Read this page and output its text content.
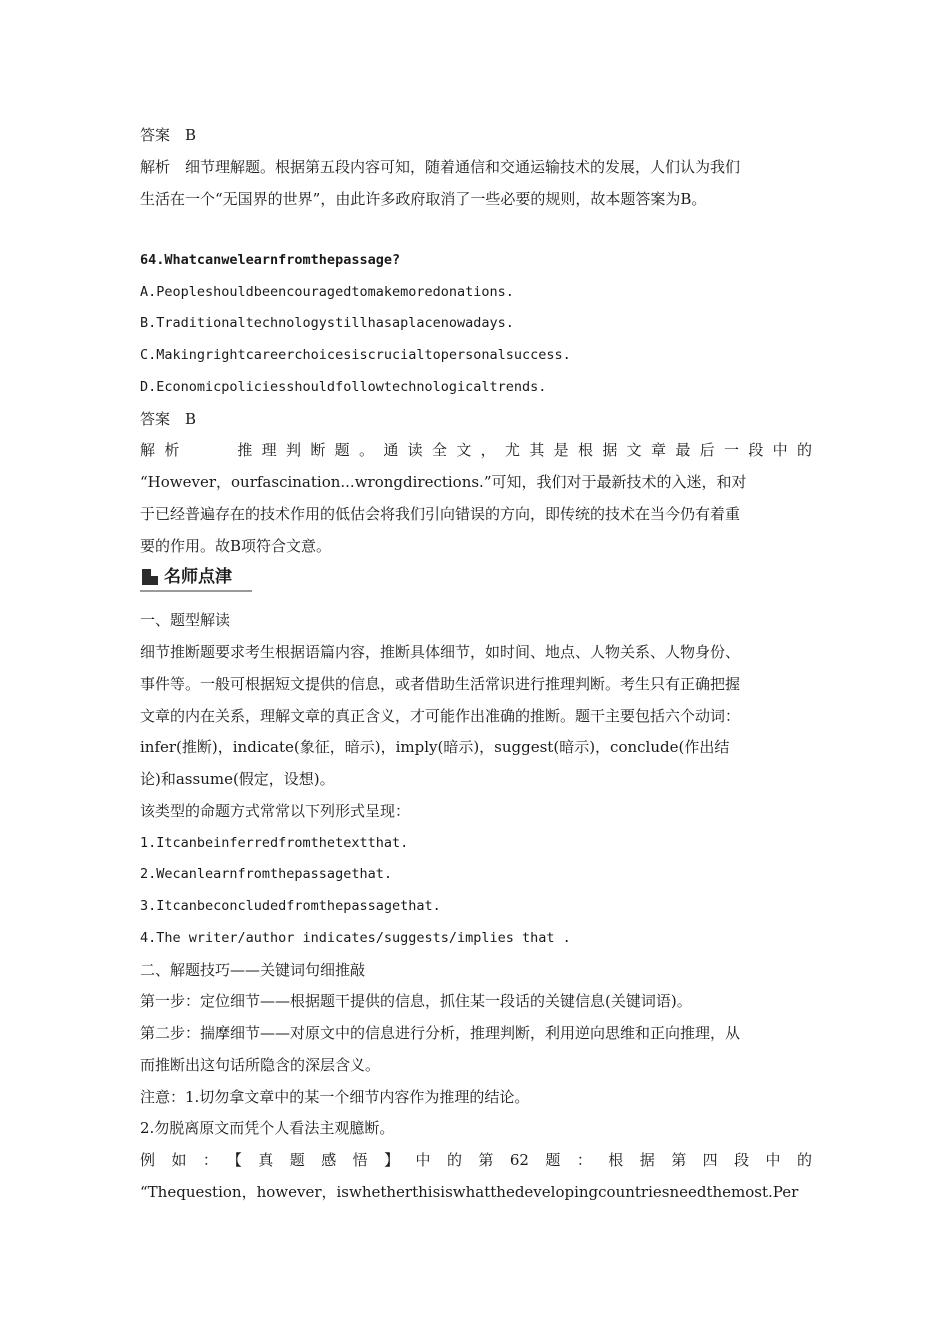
答案　B
解析　细节理解题。根据第五段内容可知，随着通信和交通运输技术的发展，人们认为我们
生活在一个“无国界的世界”，由此许多政府取消了一些必要的规则，故本题答案为B。
64.Whatcanwelearnfromthepassage?
A.Peopleshouldbeencouragedtomakemoredonations.
B.Traditionaltechnologystillhasaplacenowadays.
C.Makingrightcareerchoicesiscrucialtopersonalsuccess.
D.Economicpoliciesshouldfollowtechnologicaltrends.
答案　B
解析　　推理判断题。通读全文，尤其是根据文章最后一段中的
“However，ourfascination...wrongdirections.”可知，我们对于最新技术的入迷，和对
于已经普遍存在的技术作用的低估会将我们引向错误的方向，即传统的技术在当今仍有着重
要的作用。故B项符合文意。
名师点津
一、题型解读
细节推断题要求考生根据语篇内容，推断具体细节，如时间、地点、人物关系、人物身份、
事件等。一般可根据短文提供的信息，或者借助生活常识进行推理判断。考生只有正确把握
文章的内在关系，理解文章的真正含义，才可能作出准确的推断。题干主要包括六个动词：
infer(推断)，indicate(象征，暗示)，imply(暗示)，suggest(暗示)，conclude(作出结
论)和assume(假定，设想)。
该类型的命题方式常常以下列形式呈现：
1.Itcanbeinferredfromthetextthat.
2.Wecanlearnfromthepassagethat.
3.Itcanbeconcludedfromthepassagethat.
4.The writer/author indicates/suggests/implies that .
二、解题技巧——关键词句细推敲
第一步：定位细节——根据题干提供的信息，抓住某一段话的关键信息(关键词语)。
第二步：揣摩细节——对原文中的信息进行分析，推理判断，利用逆向思维和正向推理，从
而推断出这句话所隐含的深层含义。
注意：1.切勿拿文章中的某一个细节内容作为推理的结论。
2.勿脱离原文而凭个人看法主观臆断。
例如：【真题感悟】中的第62题：根据第四段中的
“Thequestion，however，iswhetherthisiswhatthedevelopingcountriesneedthemost.Per
